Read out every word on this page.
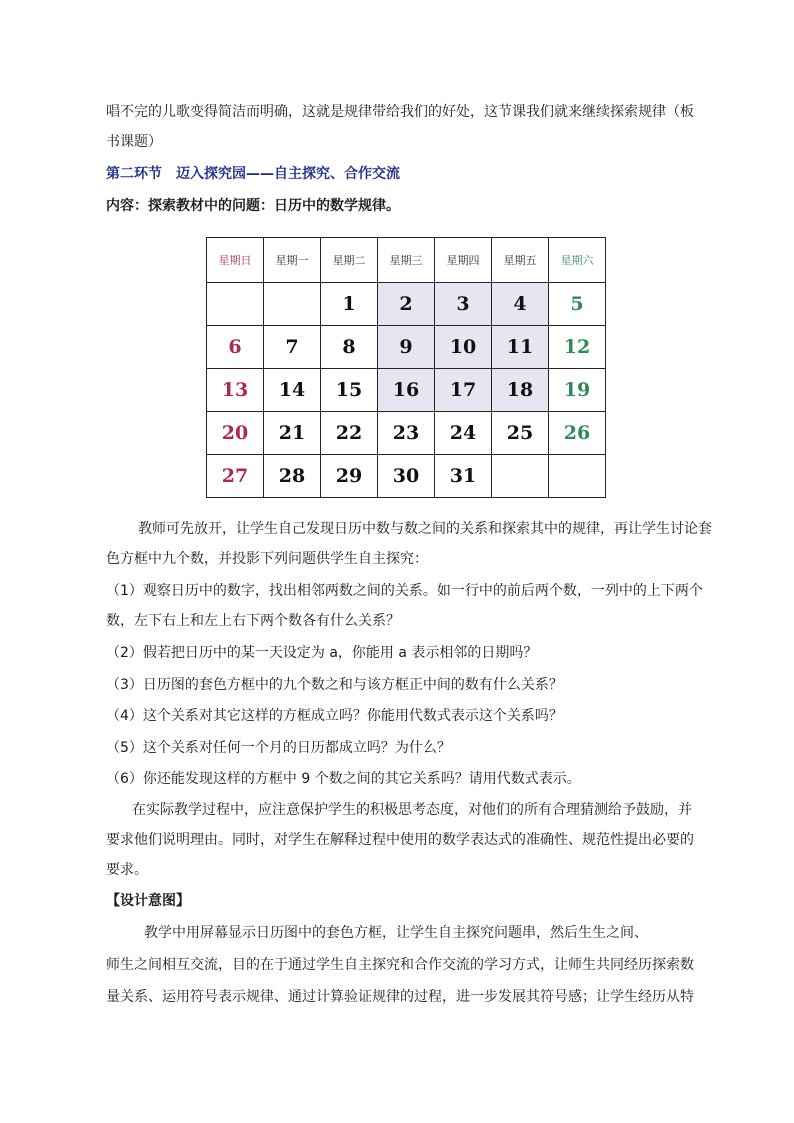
唱不完的儿歌变得简洁而明确，这就是规律带给我们的好处，这节课我们就来继续探索规律（板
书课题）
第二环节　迈入探究园——自主探究、合作交流
内容：探索教材中的问题：日历中的数学规律。
星期日	星期一	星期二	星期三	星期四	星期五	星期六
		1	2	3	4	5
6	7	8	9	10	11	12
13	14	15	16	17	18	19
20	21	22	23	24	25	26
27	28	29	30	31		
教师可先放开，让学生自己发现日历中数与数之间的关系和探索其中的规律，再让学生讨论套
色方框中九个数，并投影下列问题供学生自主探究：
（1）观察日历中的数字，找出相邻两数之间的关系。如一行中的前后两个数，一列中的上下两个
数，左下右上和左上右下两个数各有什么关系？
（2）假若把日历中的某一天设定为 a，你能用 a 表示相邻的日期吗？
（3）日历图的套色方框中的九个数之和与该方框正中间的数有什么关系？
（4）这个关系对其它这样的方框成立吗？你能用代数式表示这个关系吗？
（5）这个关系对任何一个月的日历都成立吗？为什么？
（6）你还能发现这样的方框中 9 个数之间的其它关系吗？请用代数式表示。
在实际教学过程中，应注意保护学生的积极思考态度，对他们的所有合理猜测给予鼓励，并
要求他们说明理由。同时，对学生在解释过程中使用的数学表达式的准确性、规范性提出必要的
要求。
【设计意图】
教学中用屏幕显示日历图中的套色方框，让学生自主探究问题串，然后生生之间、
师生之间相互交流，目的在于通过学生自主探究和合作交流的学习方式，让师生共同经历探索数
量关系、运用符号表示规律、通过计算验证规律的过程，进一步发展其符号感；让学生经历从特
